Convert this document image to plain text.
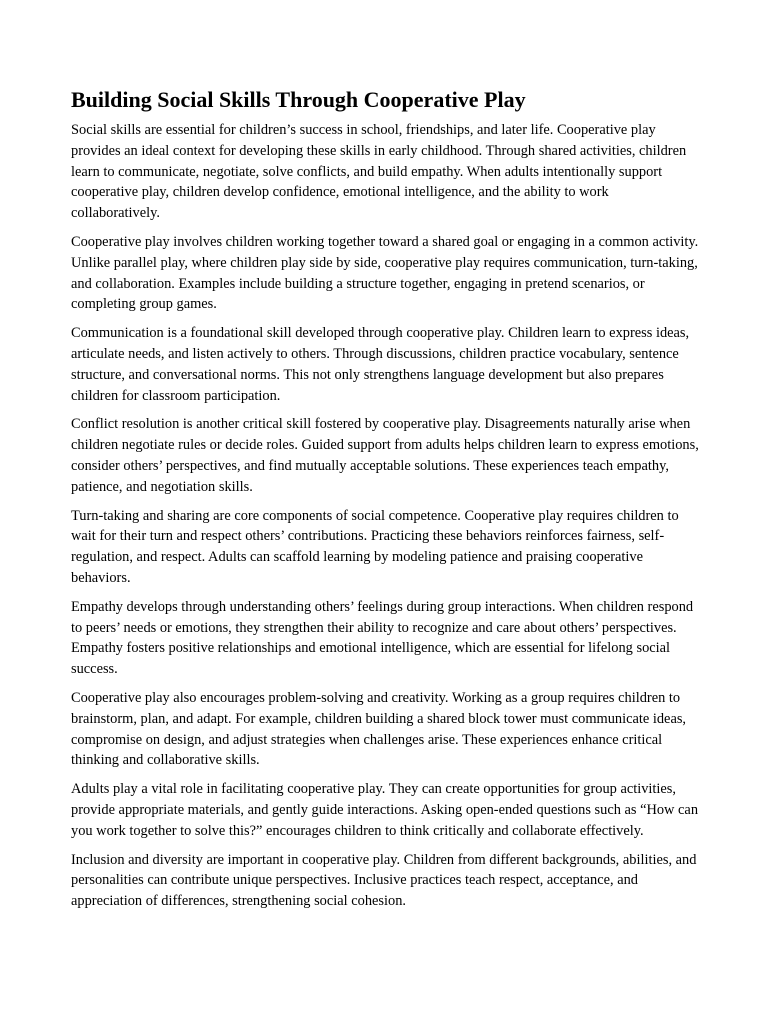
Building Social Skills Through Cooperative Play

Social skills are essential for children’s success in school, friendships, and later life. Cooperative play provides an ideal context for developing these skills in early childhood. Through shared activities, children learn to communicate, negotiate, solve conflicts, and build empathy. When adults intentionally support cooperative play, children develop confidence, emotional intelligence, and the ability to work collaboratively.

Cooperative play involves children working together toward a shared goal or engaging in a common activity. Unlike parallel play, where children play side by side, cooperative play requires communication, turn-taking, and collaboration. Examples include building a structure together, engaging in pretend scenarios, or completing group games.

Communication is a foundational skill developed through cooperative play. Children learn to express ideas, articulate needs, and listen actively to others. Through discussions, children practice vocabulary, sentence structure, and conversational norms. This not only strengthens language development but also prepares children for classroom participation.

Conflict resolution is another critical skill fostered by cooperative play. Disagreements naturally arise when children negotiate rules or decide roles. Guided support from adults helps children learn to express emotions, consider others’ perspectives, and find mutually acceptable solutions. These experiences teach empathy, patience, and negotiation skills.

Turn-taking and sharing are core components of social competence. Cooperative play requires children to wait for their turn and respect others’ contributions. Practicing these behaviors reinforces fairness, self-regulation, and respect. Adults can scaffold learning by modeling patience and praising cooperative behaviors.

Empathy develops through understanding others’ feelings during group interactions. When children respond to peers’ needs or emotions, they strengthen their ability to recognize and care about others’ perspectives. Empathy fosters positive relationships and emotional intelligence, which are essential for lifelong social success.

Cooperative play also encourages problem-solving and creativity. Working as a group requires children to brainstorm, plan, and adapt. For example, children building a shared block tower must communicate ideas, compromise on design, and adjust strategies when challenges arise. These experiences enhance critical thinking and collaborative skills.

Adults play a vital role in facilitating cooperative play. They can create opportunities for group activities, provide appropriate materials, and gently guide interactions. Asking open-ended questions such as “How can you work together to solve this?” encourages children to think critically and collaborate effectively.

Inclusion and diversity are important in cooperative play. Children from different backgrounds, abilities, and personalities can contribute unique perspectives. Inclusive practices teach respect, acceptance, and appreciation of differences, strengthening social cohesion.
